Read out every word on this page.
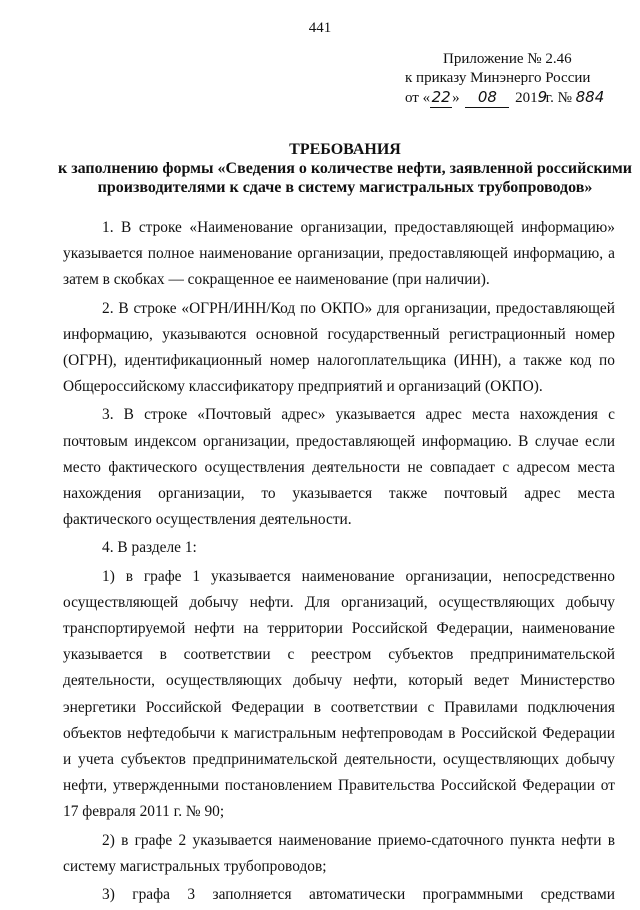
441
Приложение № 2.46
к приказу Минэнерго России
от «22» 08 2019г. № 884
ТРЕБОВАНИЯ
к заполнению формы «Сведения о количестве нефти, заявленной российскими
производителями к сдаче в систему магистральных трубопроводов»

1. В строке «Наименование организации, предоставляющей информацию» указывается полное наименование организации, предоставляющей информацию, а затем в скобках — сокращенное ее наименование (при наличии).

2. В строке «ОГРН/ИНН/Код по ОКПО» для организации, предоставляющей информацию, указываются основной государственный регистрационный номер (ОГРН), идентификационный номер налогоплательщика (ИНН), а также код по Общероссийскому классификатору предприятий и организаций (ОКПО).

3. В строке «Почтовый адрес» указывается адрес места нахождения с почтовым индексом организации, предоставляющей информацию. В случае если место фактического осуществления деятельности не совпадает с адресом места нахождения организации, то указывается также почтовый адрес места фактического осуществления деятельности.

4. В разделе 1:

1) в графе 1 указывается наименование организации, непосредственно осуществляющей добычу нефти. Для организаций, осуществляющих добычу транспортируемой нефти на территории Российской Федерации, наименование указывается в соответствии с реестром субъектов предпринимательской деятельности, осуществляющих добычу нефти, который ведет Министерство энергетики Российской Федерации в соответствии с Правилами подключения объектов нефтедобычи к магистральным нефтепроводам в Российской Федерации и учета субъектов предпринимательской деятельности, осуществляющих добычу нефти, утвержденными постановлением Правительства Российской Федерации от 17 февраля 2011 г. № 90;

2) в графе 2 указывается наименование приемо-сдаточного пункта нефти в систему магистральных трубопроводов;

3) графа 3 заполняется автоматически программными средствами
